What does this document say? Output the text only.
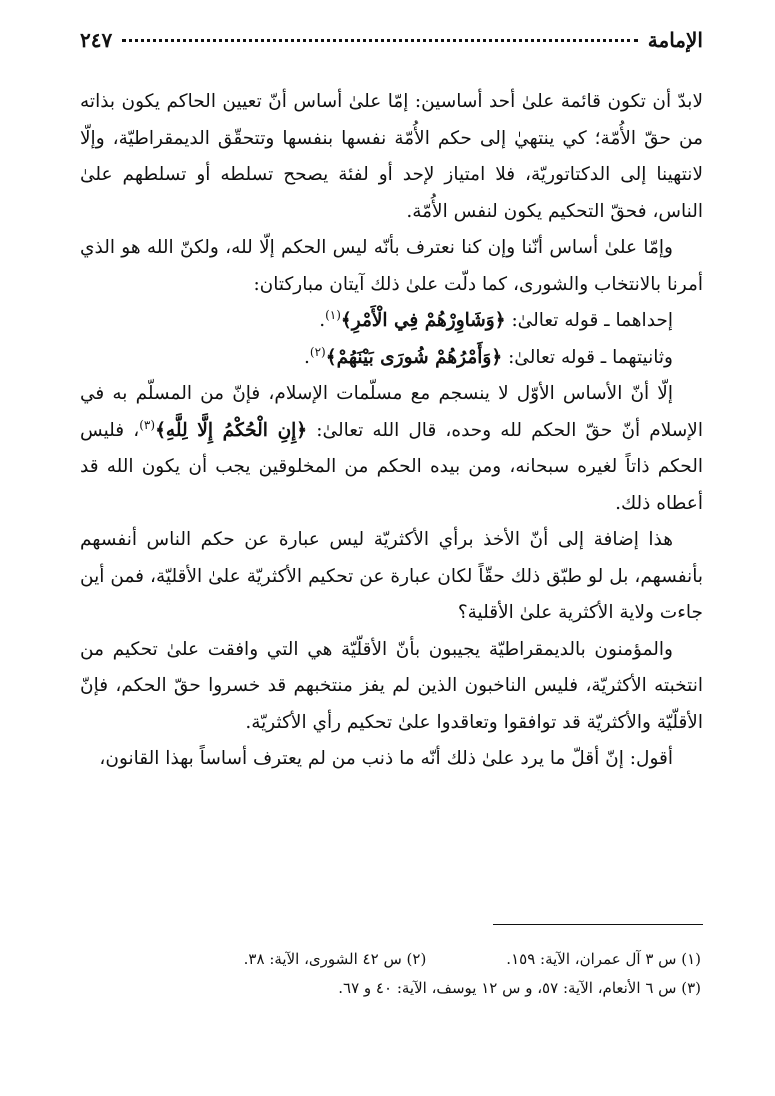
الإمامة
٢٤٧

لابدّ أن تكون قائمة علىٰ أحد أساسين: إمّا علىٰ أساس أنّ تعيين الحاكم يكون بذاته من حقّ الأُمّة؛ كي ينتهيٰ إلى حكم الأُمّة نفسها بنفسها وتتحقّق الديمقراطيّة، وإلّا لانتهينا إلى الدكتاتوريّة، فلا امتياز لإحد أو لفئة يصحح تسلطه أو تسلطهم علىٰ الناس، فحقّ التحكيم يكون لنفس الأُمّة.

وإمّا علىٰ أساس أنّنا وإن كنا نعترف بأنّه ليس الحكم إلّا لله، ولكنّ الله هو الذي أمرنا بالانتخاب والشورى، كما دلّت علىٰ ذلك آيتان مباركتان:

إحداهما ـ قوله تعالىٰ: ﴿وَشَاوِرْهُمْ فِي الْأَمْرِ﴾$^{(١)}$.

وثانيتهما ـ قوله تعالىٰ: ﴿وَأَمْرُهُمْ شُورَى بَيْنَهُمْ﴾$^{(٢)}$.

إلّا أنّ الأساس الأوّل لا ينسجم مع مسلّمات الإسلام، فإنّ من المسلّم به في الإسلام أنّ حقّ الحكم لله وحده، قال الله تعالىٰ: ﴿إِنِ الْحُكْمُ إِلَّا لِلَّهِ﴾$^{(٣)}$، فليس الحكم ذاتاً لغيره سبحانه، ومن بيده الحكم من المخلوقين يجب أن يكون الله قد أعطاه ذلك.

هذا إضافة إلى أنّ الأخذ برأي الأكثريّة ليس عبارة عن حكم الناس أنفسهم بأنفسهم، بل لو طبّق ذلك حقّاً لكان عبارة عن تحكيم الأكثريّة علىٰ الأقليّة، فمن أين جاءت ولاية الأكثرية علىٰ الأقلية؟

والمؤمنون بالديمقراطيّة يجيبون بأنّ الأقلّيّة هي التي وافقت علىٰ تحكيم من انتخبته الأكثريّة، فليس الناخبون الذين لم يفز منتخبهم قد خسروا حقّ الحكم، فإنّ الأقلّيّة والأكثريّة قد توافقوا وتعاقدوا علىٰ تحكيم رأي الأكثريّة.

أقول: إنّ أقلّ ما يرد علىٰ ذلك أنّه ما ذنب من لم يعترف أساساً بهذا القانون،

(١) س ٣ آل عمران، الآية: ١٥٩.
(٢) س ٤٢ الشورى، الآية: ٣٨.
(٣) س ٦ الأنعام، الآية: ٥٧، و س ١٢ يوسف، الآية: ٤٠ و ٦٧.
